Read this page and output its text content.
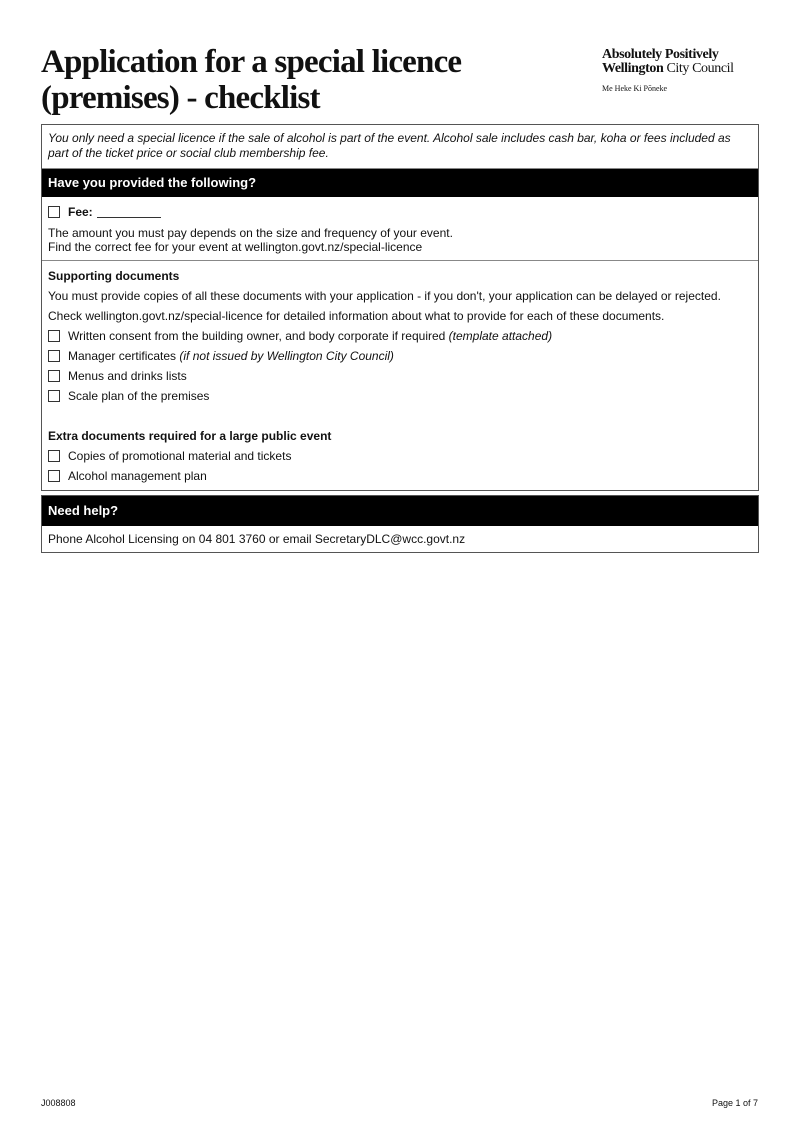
Application for a special licence
(premises) - checklist
Absolutely Positively
Wellington City Council
Me Heke Ki Pōneke
You only need a special licence if the sale of alcohol is part of the event. Alcohol sale includes cash bar, koha or fees included as part of the ticket price or social club membership fee.
Have you provided the following?
Fee:

The amount you must pay depends on the size and frequency of your event.

Find the correct fee for your event at wellington.govt.nz/special-licence

Supporting documents
You must provide copies of all these documents with your application - if you don't, your application can be delayed or rejected.
Check
wellington.govt.nz/special-licence
for detailed information about what to provide for each of these documents.
Written consent from the building owner, and body corporate if required
(template attached)
Manager certificates
(if not issued by Wellington City Council)
Menus and drinks lists
Scale plan of the premises
Extra documents required for a large public event
Copies of promotional material and tickets
Alcohol management plan
Need help?
Phone Alcohol Licensing on 04 801 3760 or email SecretaryDLC@wcc.govt.nz
J008808	Page 1 of 7
